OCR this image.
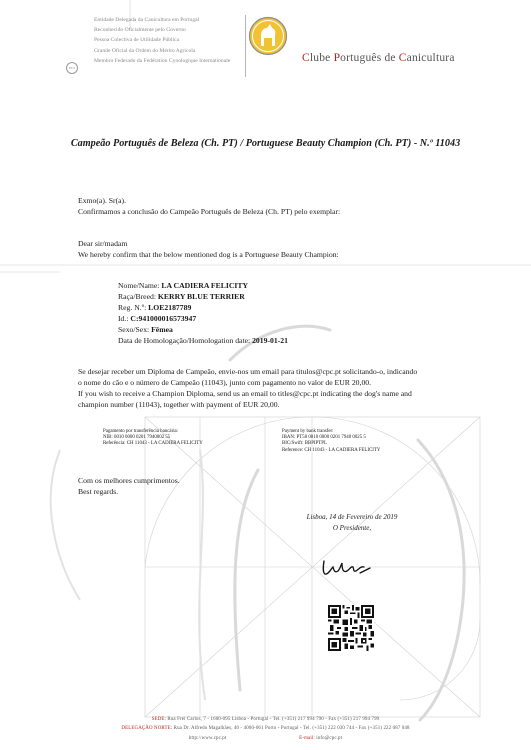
Entidade Delegada da Canicultura em Portugal
Reconhecido Oficialmente pelo Governo
Pessoa Colectiva de Utilidade Pública
Grande Oficial da Ordem do Mérito Agrícola
Membro Federado da Fédération Cynologique Internationale
FCI
Clube Português de Canicultura
Campeão Português de Beleza (Ch. PT) / Portuguese Beauty Champion (Ch. PT) - N.º 11043
Exmo(a). Sr(a).
Confirmamos a conclusão do Campeão Português de Beleza (Ch. PT) pelo exemplar:
Dear sir/madam
We hereby confirm that the below mentioned dog is a Portuguese Beauty Champion:
Nome/Name: LA CADIERA FELICITY
Raça/Breed: KERRY BLUE TERRIER
Reg. N.º: LOE2187789
Id.: C:941000016573947
Sexo/Sex: Fêmea
Data de Homologação/Homologation date: 2019-01-21
Se desejar receber um Diploma de Campeão, envie-nos um email para titulos@cpc.pt solicitando-o, indicando
o nome do cão e o número de Campeão (11043), junto com pagamento no valor de EUR 20,00.
If you wish to receive a Champion Diploma, send us an email to titles@cpc.pt indicating the dog's name and
champion number (11043), together with payment of EUR 20,00.
Pagamento por transferência bancária:
NIB: 0010 0000 0201 7940002 55
Referência: CH 11043 - LA CADIERA FELICITY
Payment by bank transfer:
IBAN: PT50 0010 0000 0201 7940 0025 5
BIC/Swift: BBPIPTPL
Reference: CH 11043 - LA CADIERA FELICITY
Com os melhores cumprimentos.
Best regards.
Lisboa, 14 de Fevereiro de 2019
O Presidente,
SEDE: Rua Frei Carlos, 7 - 1600-095 Lisboa - Portugal - Tel. (+351) 217 994 790 - Fax (+351) 217 994 799
DELEGAÇÃO NORTE: Rua Dr. Alfredo Magalhães, 40 - 4000-061 Porto - Portugal - Tel. (+351) 222 030 744 - Fax (+351) 222 087 048
http://www.cpc.pt	E-mail: info@cpc.pt
